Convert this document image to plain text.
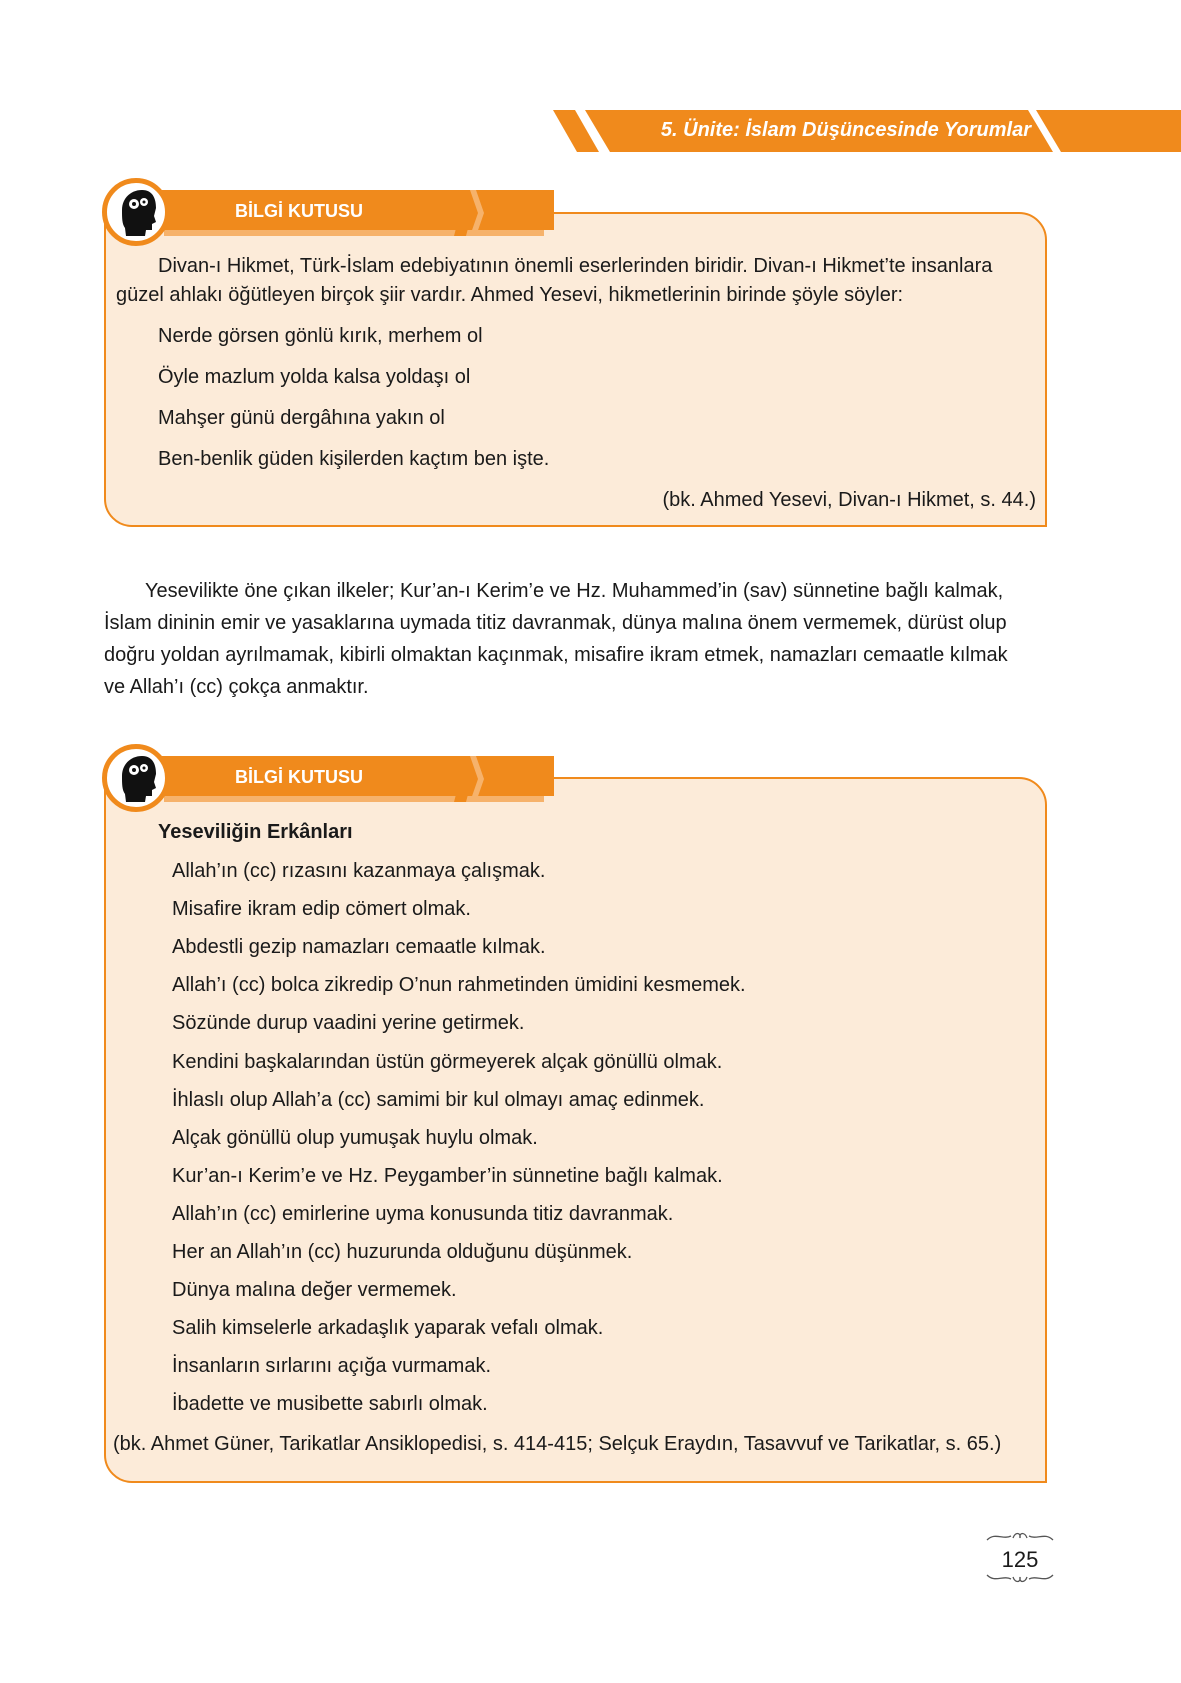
5. Ünite: İslam Düşüncesinde Yorumlar
BİLGİ KUTUSU
Divan-ı Hikmet, Türk-İslam edebiyatının önemli eserlerinden biridir. Divan-ı Hikmet’te insanlara
güzel ahlakı öğütleyen birçok şiir vardır. Ahmed Yesevi, hikmetlerinin birinde şöyle söyler:
Nerde görsen gönlü kırık, merhem ol
Öyle mazlum yolda kalsa yoldaşı ol
Mahşer günü dergâhına yakın ol
Ben-benlik güden kişilerden kaçtım ben işte.
(bk. Ahmed Yesevi, Divan-ı Hikmet, s. 44.)
Yesevilikte öne çıkan ilkeler; Kur’an-ı Kerim’e ve Hz. Muhammed’in (sav) sünnetine bağlı kalmak,
İslam dininin emir ve yasaklarına uymada titiz davranmak, dünya malına önem vermemek, dürüst olup
doğru yoldan ayrılmamak, kibirli olmaktan kaçınmak, misafire ikram etmek, namazları cemaatle kılmak
ve Allah’ı (cc) çokça anmaktır.
BİLGİ KUTUSU
Yeseviliğin Erkânları
Allah’ın (cc) rızasını kazanmaya çalışmak.
Misafire ikram edip cömert olmak.
Abdestli gezip namazları cemaatle kılmak.
Allah’ı (cc) bolca zikredip O’nun rahmetinden ümidini kesmemek.
Sözünde durup vaadini yerine getirmek.
Kendini başkalarından üstün görmeyerek alçak gönüllü olmak.
İhlaslı olup Allah’a (cc) samimi bir kul olmayı amaç edinmek.
Alçak gönüllü olup yumuşak huylu olmak.
Kur’an-ı Kerim’e ve Hz. Peygamber’in sünnetine bağlı kalmak.
Allah’ın (cc) emirlerine uyma konusunda titiz davranmak.
Her an Allah’ın (cc) huzurunda olduğunu düşünmek.
Dünya malına değer vermemek.
Salih kimselerle arkadaşlık yaparak vefalı olmak.
İnsanların sırlarını açığa vurmamak.
İbadette ve musibette sabırlı olmak.
(bk. Ahmet Güner, Tarikatlar Ansiklopedisi, s. 414-415; Selçuk Eraydın, Tasavvuf ve Tarikatlar, s. 65.)
125
